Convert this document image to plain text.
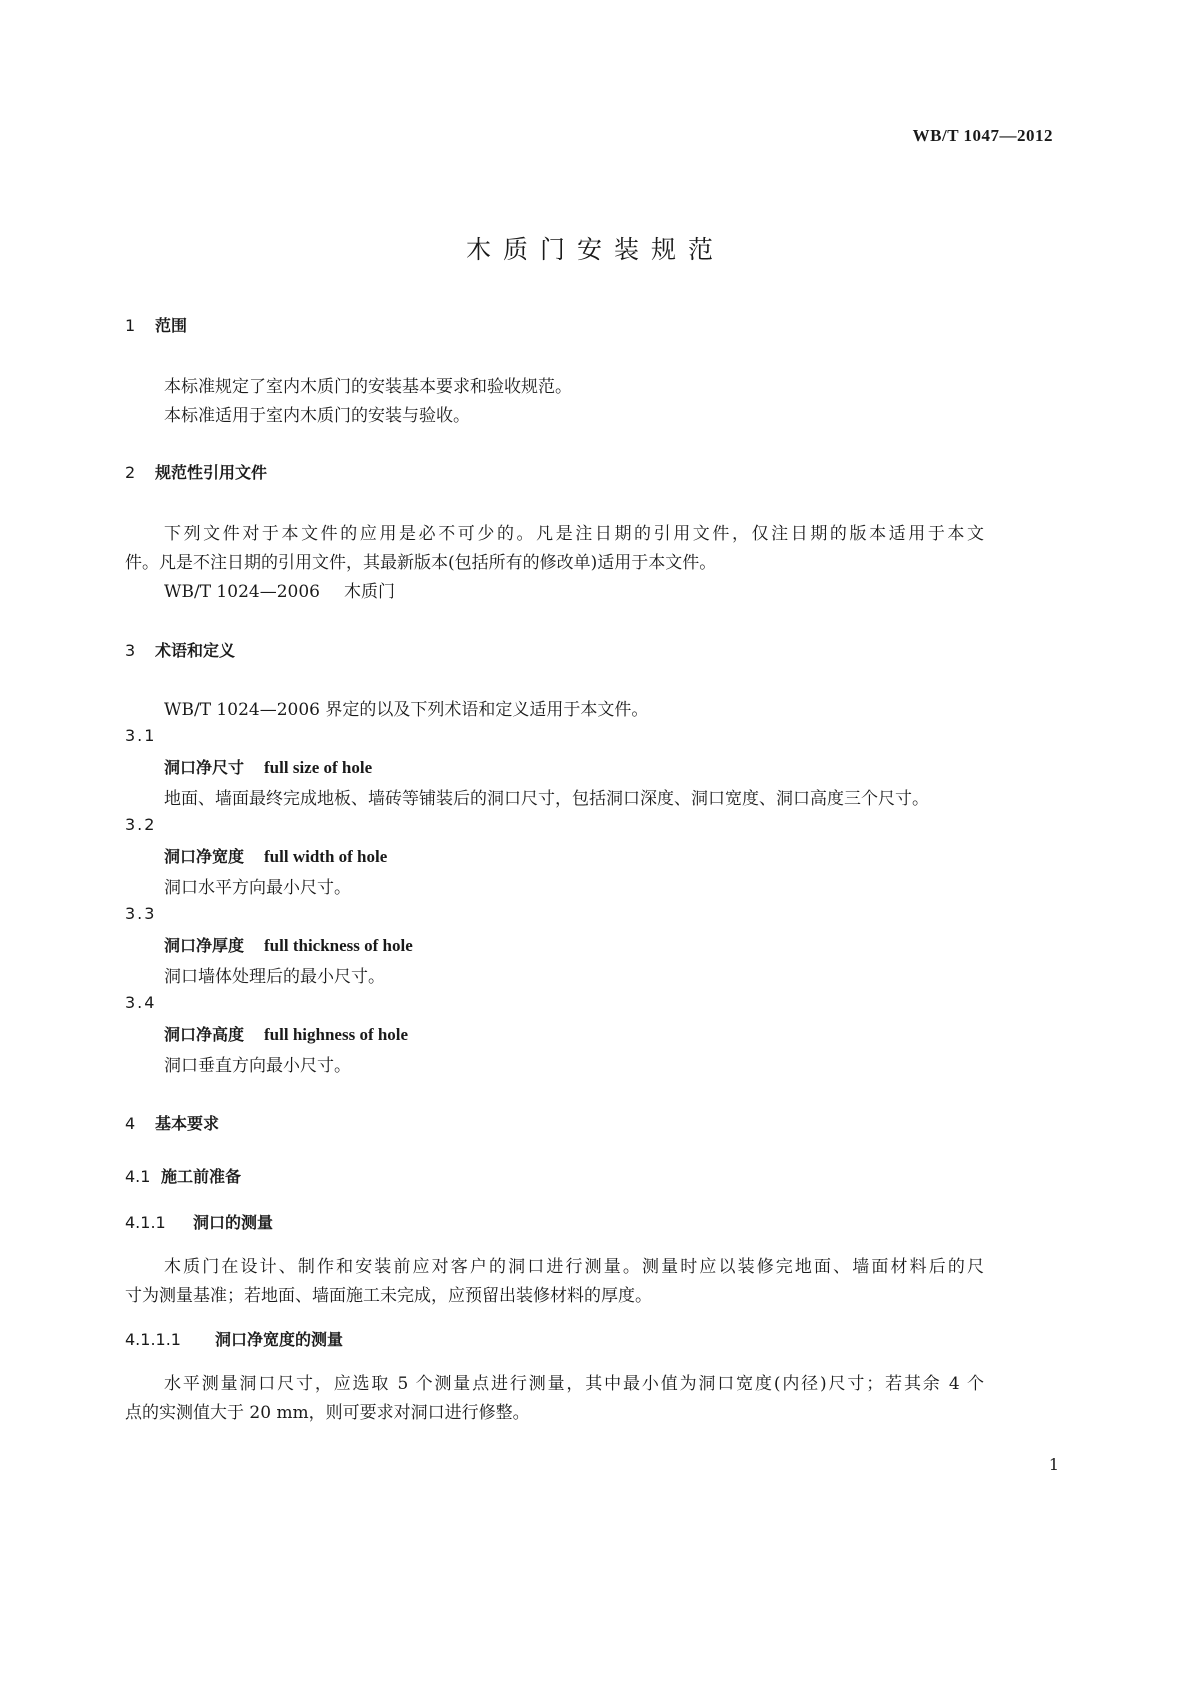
WB/T 1047—2012
木质门安装规范
1 范围
本标准规定了室内木质门的安装基本要求和验收规范。
本标准适用于室内木质门的安装与验收。
2 规范性引用文件
下列文件对于本文件的应用是必不可少的。凡是注日期的引用文件，仅注日期的版本适用于本文
件。凡是不注日期的引用文件，其最新版本(包括所有的修改单)适用于本文件。
WB/T 1024—2006 木质门
3 术语和定义
WB/T 1024—2006 界定的以及下列术语和定义适用于本文件。
3.1
洞口净尺寸 full size of hole
地面、墙面最终完成地板、墙砖等铺装后的洞口尺寸，包括洞口深度、洞口宽度、洞口高度三个尺寸。
3.2
洞口净宽度 full width of hole
洞口水平方向最小尺寸。
3.3
洞口净厚度 full thickness of hole
洞口墙体处理后的最小尺寸。
3.4
洞口净高度 full highness of hole
洞口垂直方向最小尺寸。
4 基本要求
4.1 施工前准备
4.1.1 洞口的测量
木质门在设计、制作和安装前应对客户的洞口进行测量。测量时应以装修完地面、墙面材料后的尺
寸为测量基准；若地面、墙面施工未完成，应预留出装修材料的厚度。
4.1.1.1 洞口净宽度的测量
水平测量洞口尺寸，应选取 5 个测量点进行测量，其中最小值为洞口宽度(内径)尺寸；若其余 4 个
点的实测值大于 20 mm，则可要求对洞口进行修整。
1
